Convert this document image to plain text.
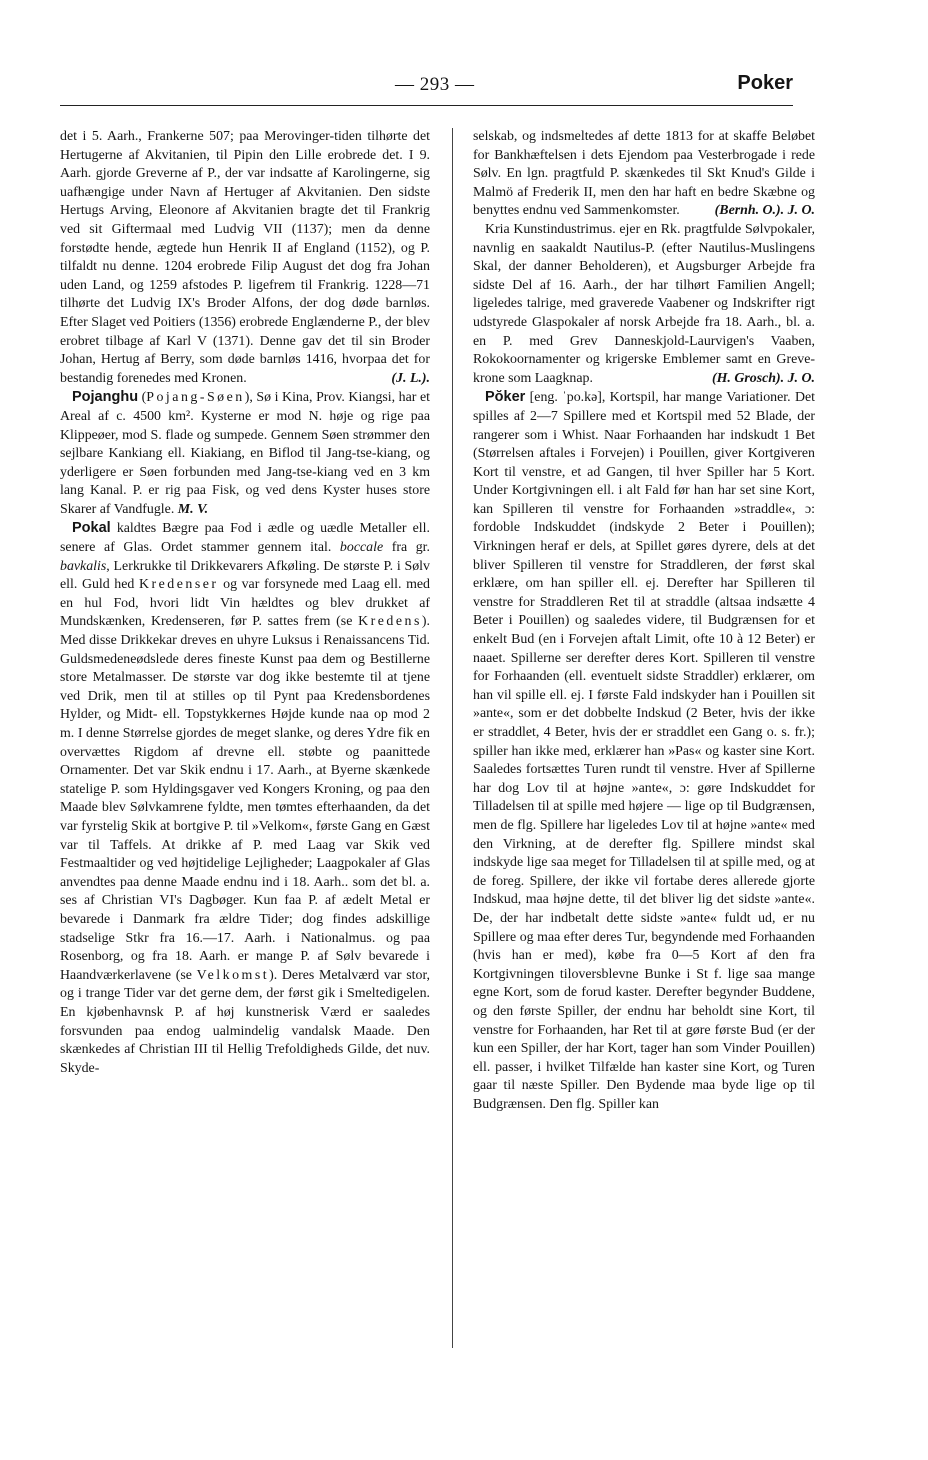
— 293 —	Poker

det i 5. Aarh., Frankerne 507; paa Merovinger-tiden tilhørte det Hertugerne af Akvitanien, til Pipin den Lille erobrede det. I 9. Aarh. gjorde Greverne af P., der var indsatte af Karolingerne, sig uafhængige under Navn af Hertuger af Akvitanien. Den sidste Hertugs Arving, Eleonore af Akvitanien bragte det til Frankrig ved sit Giftermaal med Ludvig VII (1137); men da denne forstødte hende, ægtede hun Henrik II af England (1152), og P. tilfaldt nu denne. 1204 erobrede Filip August det dog fra Johan uden Land, og 1259 afstodes P. ligefrem til Frankrig. 1228—71 tilhørte det Ludvig IX's Broder Alfons, der dog døde barnløs. Efter Slaget ved Poitiers (1356) erobrede Englænderne P., der blev erobret tilbage af Karl V (1371). Denne gav det til sin Broder Johan, Hertug af Berry, som døde barnløs 1416, hvorpaa det for bestandig forenedes med Kronen.	(J. L.).

Pojanghu (Pojang-Søen), Sø i Kina, Prov. Kiangsi, har et Areal af c. 4500 km². Kysterne er mod N. høje og rige paa Klippeøer, mod S. flade og sumpede. Gennem Søen strømmer den sejlbare Kankiang ell. Kiakiang, en Biflod til Jang-tse-kiang, og yderligere er Søen forbunden med Jang-tse-kiang ved en 3 km lang Kanal. P. er rig paa Fisk, og ved dens Kyster huses store Skarer af Vandfugle. M. V.

Pokal kaldtes Bægre paa Fod i ædle og uædle Metaller ell. senere af Glas. Ordet stammer gennem ital. boccale fra gr. bavkalis, Lerkrukke til Drikkevarers Afkøling. De største P. i Sølv ell. Guld hed Kredenser og var forsynede med Laag ell. med en hul Fod, hvori lidt Vin hældtes og blev drukket af Mundskænken, Kredenseren, før P. sattes frem (se Kredens). Med disse Drikkekar dreves en uhyre Luksus i Renaissancens Tid. Guldsmedeneødslede deres fineste Kunst paa dem og Bestillerne store Metalmasser. De største var dog ikke bestemte til at tjene ved Drik, men til at stilles op til Pynt paa Kredensbordenes Hylder, og Midt- ell. Topstykkernes Højde kunde naa op mod 2 m. I denne Størrelse gjordes de meget slanke, og deres Ydre fik en overvættes Rigdom af drevne ell. støbte og paanittede Ornamenter. Det var Skik endnu i 17. Aarh., at Byerne skænkede statelige P. som Hyldingsgaver ved Kongers Kroning, og paa den Maade blev Sølvkamrene fyldte, men tømtes efterhaanden, da det var fyrstelig Skik at bortgive P. til »Velkom«, første Gang en Gæst var til Taffels. At drikke af P. med Laag var Skik ved Festmaaltider og ved højtidelige Lejligheder; Laagpokaler af Glas anvendtes paa denne Maade endnu ind i 18. Aarh.. som det bl. a. ses af Christian VI's Dagbøger. Kun faa P. af ædelt Metal er bevarede i Danmark fra ældre Tider; dog findes adskillige stadselige Stkr fra 16.—17. Aarh. i Nationalmus. og paa Rosenborg, og fra 18. Aarh. er mange P. af Sølv bevarede i Haandværkerlavene (se Velkomst). Deres Metalværd var stor, og i trange Tider var det gerne dem, der først gik i Smeltedigelen. En kjøbenhavnsk P. af høj kunstnerisk Værd er saaledes forsvunden paa endog ualmindelig vandalsk Maade. Den skænkedes af Christian III til Hellig Trefoldigheds Gilde, det nuv. Skyde-

selskab, og indsmeltedes af dette 1813 for at skaffe Beløbet for Bankhæftelsen i dets Ejendom paa Vesterbrogade i rede Sølv. En lgn. pragtfuld P. skænkedes til Skt Knud's Gilde i Malmö af Frederik II, men den har haft en bedre Skæbne og benyttes endnu ved Sammenkomster.	(Bernh. O.). J. O.

Kria Kunstindustrimus. ejer en Rk. pragtfulde Sølvpokaler, navnlig en saakaldt Nautilus-P. (efter Nautilus-Muslingens Skal, der danner Beholderen), et Augsburger Arbejde fra sidste Del af 16. Aarh., der har tilhørt Familien Angell; ligeledes talrige, med graverede Vaabener og Indskrifter rigt udstyrede Glaspokaler af norsk Arbejde fra 18. Aarh., bl. a. en P. med Grev Danneskjold-Laurvigen's Vaaben, Rokokoornamenter og krigerske Emblemer samt en Greve-krone som Laagknap.	(H. Grosch). J. O.

Pŏker [eng. ˈpo.kə], Kortspil, har mange Variationer. Det spilles af 2—7 Spillere med et Kortspil med 52 Blade, der rangerer som i Whist. Naar Forhaanden har indskudt 1 Bet (Størrelsen aftales i Forvejen) i Pouillen, giver Kortgiveren Kort til venstre, et ad Gangen, til hver Spiller har 5 Kort. Under Kortgivningen ell. i alt Fald før han har set sine Kort, kan Spilleren til venstre for Forhaanden »straddle«, ɔ: fordoble Indskuddet (indskyde 2 Beter i Pouillen); Virkningen heraf er dels, at Spillet gøres dyrere, dels at det bliver Spilleren til venstre for Straddleren, der først skal erklære, om han spiller ell. ej. Derefter har Spilleren til venstre for Straddleren Ret til at straddle (altsaa indsætte 4 Beter i Pouillen) og saaledes videre, til Budgrænsen for et enkelt Bud (en i Forvejen aftalt Limit, ofte 10 à 12 Beter) er naaet. Spillerne ser derefter deres Kort. Spilleren til venstre for Forhaanden (ell. eventuelt sidste Straddler) erklærer, om han vil spille ell. ej. I første Fald indskyder han i Pouillen sit »ante«, som er det dobbelte Indskud (2 Beter, hvis der ikke er straddlet, 4 Beter, hvis der er straddlet een Gang o. s. fr.); spiller han ikke med, erklærer han »Pas« og kaster sine Kort. Saaledes fortsættes Turen rundt til venstre. Hver af Spillerne har dog Lov til at højne »ante«, ɔ: gøre Indskuddet for Tilladelsen til at spille med højere — lige op til Budgrænsen, men de flg. Spillere har ligeledes Lov til at højne »ante« med den Virkning, at de derefter flg. Spillere mindst skal indskyde lige saa meget for Tilladelsen til at spille med, og at de foreg. Spillere, der ikke vil fortabe deres allerede gjorte Indskud, maa højne dette, til det bliver lig det sidste »ante«. De, der har indbetalt dette sidste »ante« fuldt ud, er nu Spillere og maa efter deres Tur, begyndende med Forhaanden (hvis han er med), købe fra 0—5 Kort af den fra Kortgivningen tiloversblevne Bunke i St f. lige saa mange egne Kort, som de forud kaster. Derefter begynder Buddene, og den første Spiller, der endnu har beholdt sine Kort, til venstre for Forhaanden, har Ret til at gøre første Bud (er der kun een Spiller, der har Kort, tager han som Vinder Pouillen) ell. passer, i hvilket Tilfælde han kaster sine Kort, og Turen gaar til næste Spiller. Den Bydende maa byde lige op til Budgrænsen. Den flg. Spiller kan
